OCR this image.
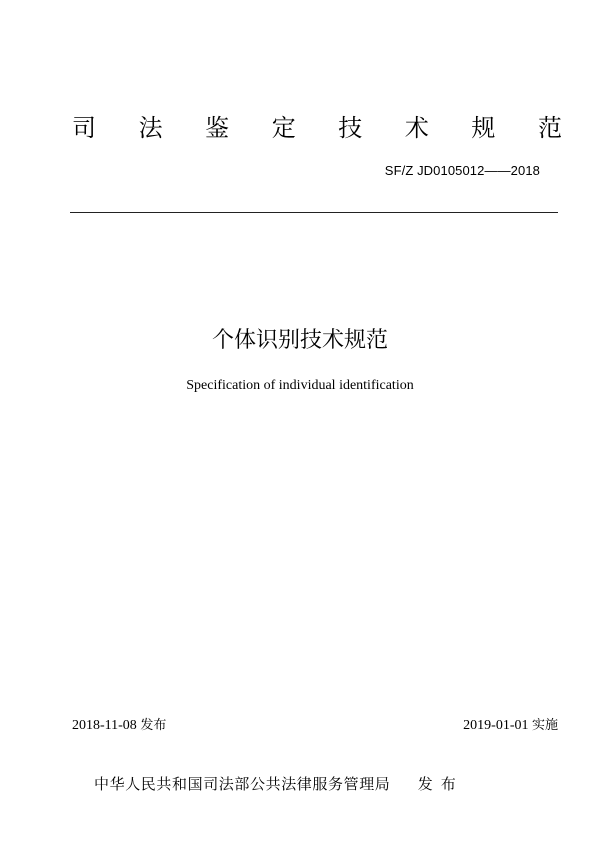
司 法 鉴 定 技 术 规 范
SF/Z JD0105012——2018
个体识别技术规范
Specification of individual identification
2018-11-08 发布	2019-01-01 实施
中华人民共和国司法部公共法律服务管理局 发布
